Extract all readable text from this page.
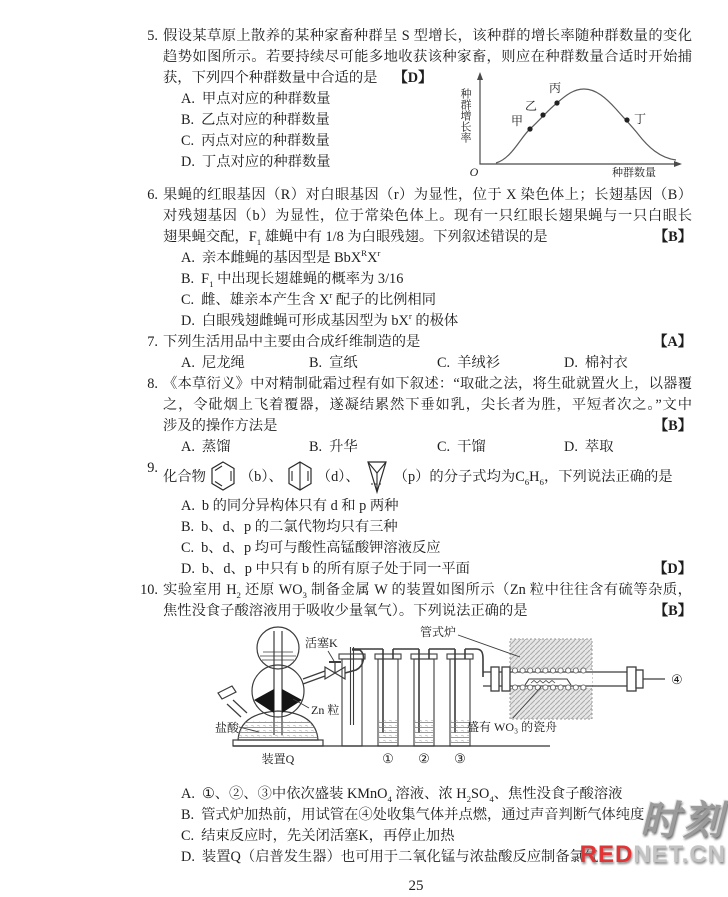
5. 假设某草原上散养的某种家畜种群呈 S 型增长，该种群的增长率随种群数量的变化
趋势如图所示。若要持续尽可能多地收获该种家畜，则应在种群数量合适时开始捕
获，下列四个种群数量中合适的是 【D】
A. 甲点对应的种群数量
B. 乙点对应的种群数量
C. 丙点对应的种群数量
D. 丁点对应的种群数量
甲
乙
丙
丁
种群增长率
O	种群数量
6. 果蝇的红眼基因（R）对白眼基因（r）为显性，位于 X 染色体上；长翅基因（B）
对残翅基因（b）为显性，位于常染色体上。现有一只红眼长翅果蝇与一只白眼长
翅果蝇交配，$F_1$ 雄蝇中有 1/8 为白眼残翅。下列叙述错误的是	【B】
A. 亲本雌蝇的基因型是 $BbX^RX^r$
B. $F_1$ 中出现长翅雄蝇的概率为 3/16
C. 雌、雄亲本产生含 $X^r$ 配子的比例相同
D. 白眼残翅雌蝇可形成基因型为 $bX^r$ 的极体
7. 下列生活用品中主要由合成纤维制造的是	【A】
A. 尼龙绳	B. 宣纸	C. 羊绒衫	D. 棉衬衣
8. 《本草衍义》中对精制砒霜过程有如下叙述：“取砒之法，将生砒就置火上，以器覆
之，令砒烟上飞着覆器，遂凝结累然下垂如乳，尖长者为胜，平短者次之。”文中
涉及的操作方法是	【B】
A. 蒸馏	B. 升华	C. 干馏	D. 萃取
9.
化合物 （b）、 （d）、 （p）的分子式均为$C_6H_6$，下列说法正确的是
A. b 的同分异构体只有 d 和 p 两种
B. b、d、p 的二氯代物均只有三种
C. b、d、p 均可与酸性高锰酸钾溶液反应
D. b、d、p 中只有 b 的所有原子处于同一平面	【D】
10. 实验室用 $H_2$ 还原 $WO_3$ 制备金属 W 的装置如图所示（Zn 粒中往往含有硫等杂质，
焦性没食子酸溶液用于吸收少量氧气）。下列说法正确的是	【B】
活塞K
Zn 粒
盐酸
装置Q
管式炉
盛有 WO₃ 的瓷舟
① ② ③
④
A. ①、②、③中依次盛装 KMnO$_4$ 溶液、浓 $H_2SO_4$、焦性没食子酸溶液
B. 管式炉加热前，用试管在④处收集气体并点燃，通过声音判断气体纯度
C. 结束反应时，先关闭活塞K，再停止加热
D. 装置Q（启普发生器）也可用于二氧化锰与浓盐酸反应制备氯气
25
时刻
REDNET.CN
